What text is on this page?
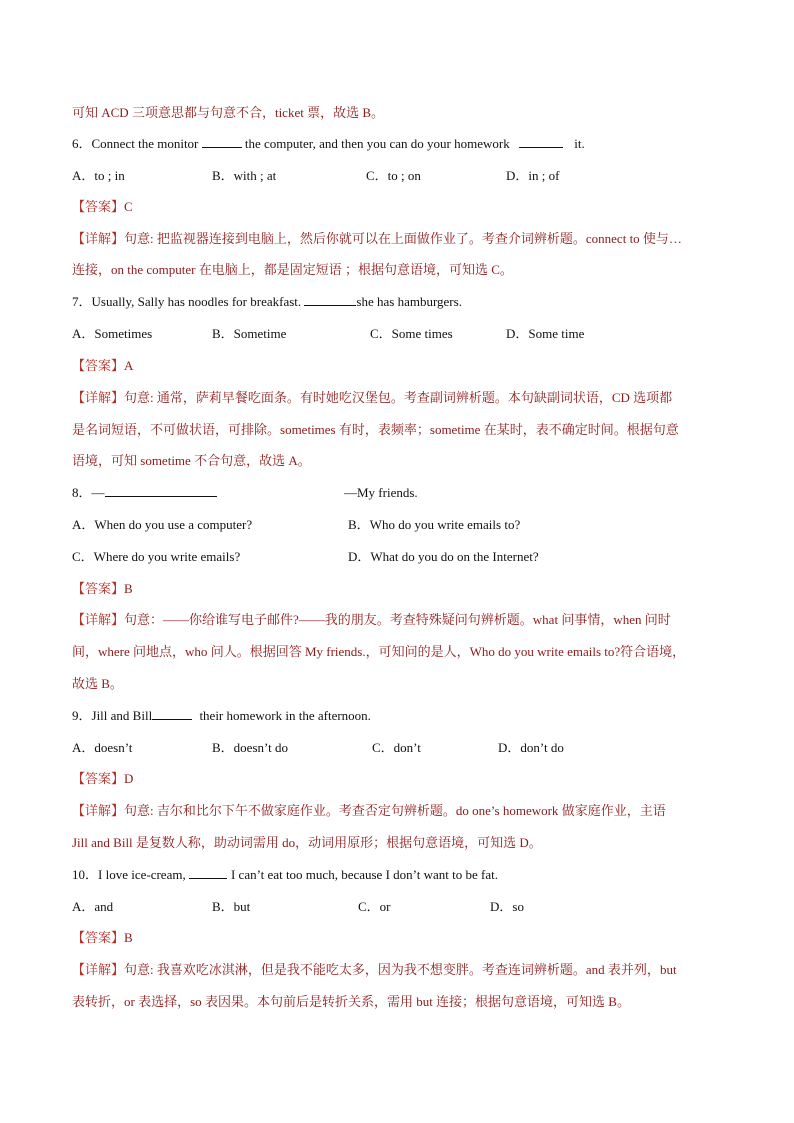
可知 ACD 三项意思都与句意不合，ticket 票，故选 B。
6．Connect the monitor	the computer, and then you can do your homework	it.
A．to ; in	B．with ; at	C．to ; on	D．in ; of
【答案】C
【详解】句意: 把监视器连接到电脑上，然后你就可以在上面做作业了。考查介词辨析题。connect to 使与…
连接，on the computer 在电脑上，都是固定短语 ；根据句意语境，可知选 C。
7．Usually, Sally has noodles for breakfast.	she has hamburgers.
A．Sometimes	B．Sometime	C．Some times	D．Some time
【答案】A
【详解】句意: 通常，萨莉早餐吃面条。有时她吃汉堡包。考查副词辨析题。本句缺副词状语，CD 选项都
是名词短语，不可做状语，可排除。sometimes 有时，表频率；sometime 在某时，表不确定时间。根据句意
语境，可知 sometime 不合句意，故选 A。
8．—	—My friends.
A．When do you use a computer?	B．Who do you write emails to?
C．Where do you write emails?	D．What do you do on the Internet?
【答案】B
【详解】句意：——你给谁写电子邮件?——我的朋友。考查特殊疑问句辨析题。what 问事情，when 问时
间，where 问地点，who 问人。根据回答 My friends.，可知问的是人，Who do you write emails to?符合语境，
故选 B。
9．Jill and Bill	their homework in the afternoon.
A．doesn’t	B．doesn’t do	C．don’t	D．don’t do
【答案】D
【详解】句意: 吉尔和比尔下午不做家庭作业。考查否定句辨析题。do one’s homework 做家庭作业，主语
Jill and Bill 是复数人称，助动词需用 do，动词用原形；根据句意语境，可知选 D。
10．I love ice-cream,	I can’t eat too much, because I don’t want to be fat.
A．and	B．but	C．or	D．so
【答案】B
【详解】句意: 我喜欢吃冰淇淋，但是我不能吃太多，因为我不想变胖。考查连词辨析题。and 表并列，but
表转折，or 表选择，so 表因果。本句前后是转折关系，需用 but 连接；根据句意语境，可知选 B。
